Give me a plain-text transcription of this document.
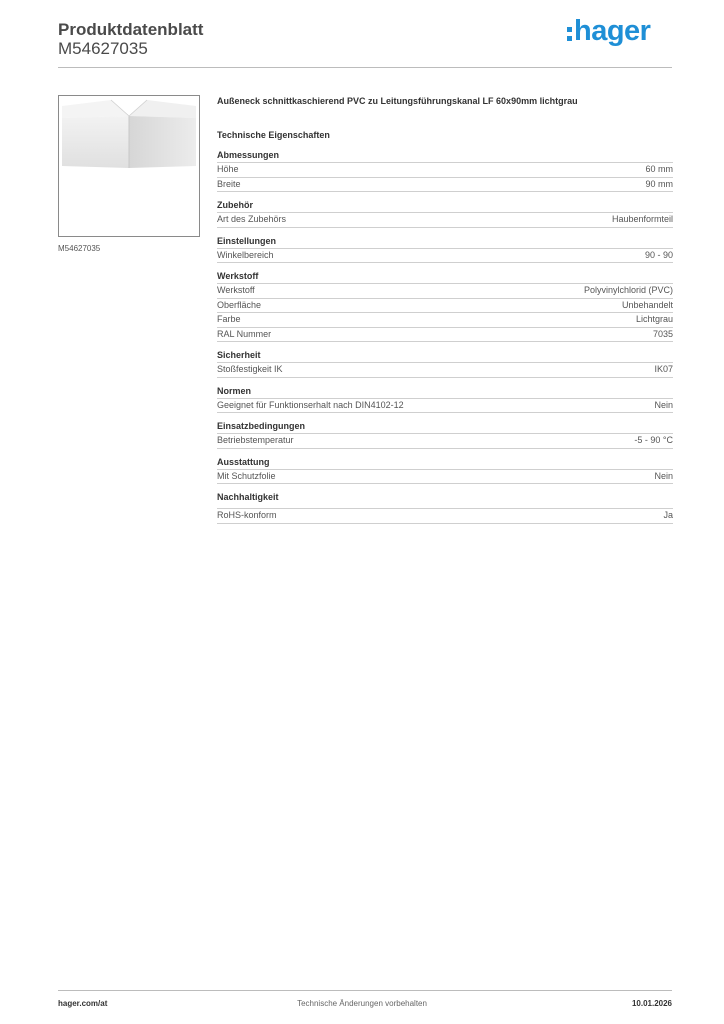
Produktdatenblatt
M54627035
hager
M54627035
Außeneck schnittkaschierend PVC zu Leitungsführungskanal LF 60x90mm lichtgrau
Technische Eigenschaften
Abmessungen
Höhe	60 mm
Breite	90 mm
Zubehör
Art des Zubehörs	Haubenformteil
Einstellungen
Winkelbereich	90 - 90
Werkstoff
Werkstoff	Polyvinylchlorid (PVC)
Oberfläche	Unbehandelt
Farbe	Lichtgrau
RAL Nummer	7035
Sicherheit
Stoßfestigkeit IK	IK07
Normen
Geeignet für Funktionserhalt nach DIN4102-12	Nein
Einsatzbedingungen
Betriebstemperatur	-5 - 90 °C
Ausstattung
Mit Schutzfolie	Nein
Nachhaltigkeit
RoHS-konform	Ja
hager.com/at	Technische Änderungen vorbehalten	10.01.2026
